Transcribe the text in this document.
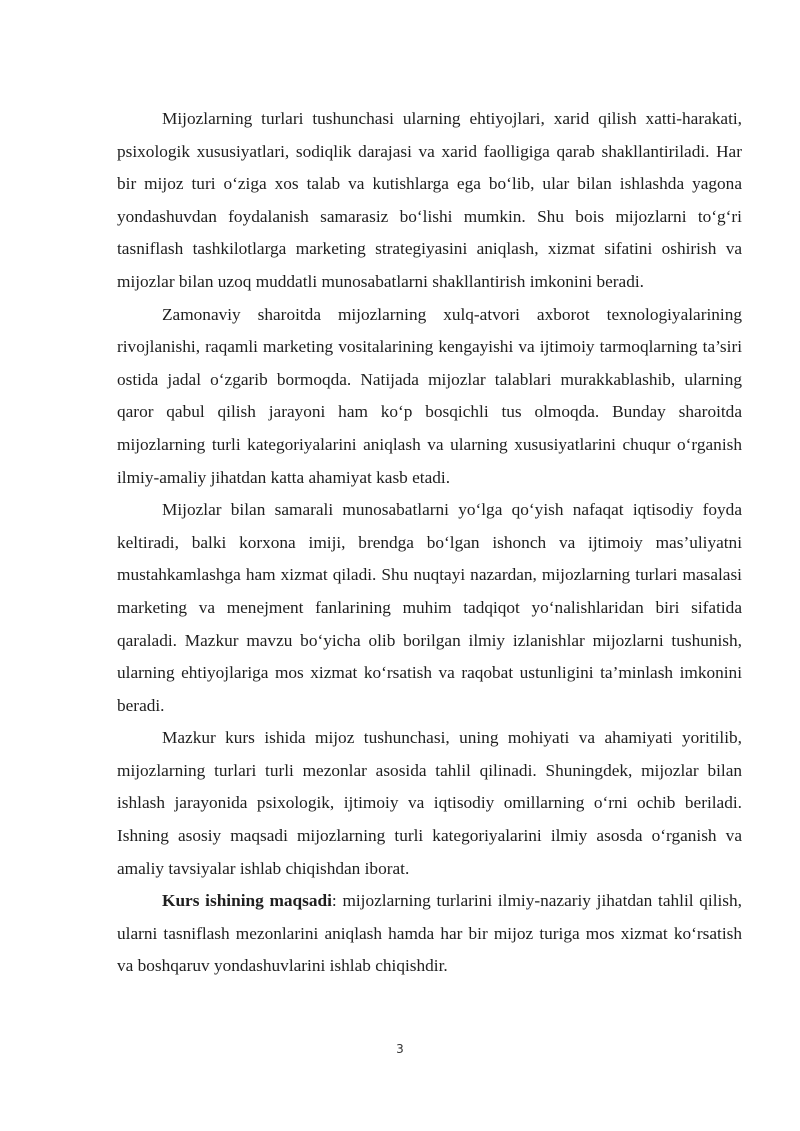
Mijozlarning turlari tushunchasi ularning ehtiyojlari, xarid qilish xatti-harakati, psixologik xususiyatlari, sodiqlik darajasi va xarid faolligiga qarab shakllantiriladi. Har bir mijoz turi o‘ziga xos talab va kutishlarga ega bo‘lib, ular bilan ishlashda yagona yondashuvdan foydalanish samarasiz bo‘lishi mumkin. Shu bois mijozlarni to‘g‘ri tasniflash tashkilotlarga marketing strategiyasini aniqlash, xizmat sifatini oshirish va mijozlar bilan uzoq muddatli munosabatlarni shakllantirish imkonini beradi.

Zamonaviy sharoitda mijozlarning xulq-atvori axborot texnologiyalarining rivojlanishi, raqamli marketing vositalarining kengayishi va ijtimoiy tarmoqlarning ta’siri ostida jadal o‘zgarib bormoqda. Natijada mijozlar talablari murakkablashib, ularning qaror qabul qilish jarayoni ham ko‘p bosqichli tus olmoqda. Bunday sharoitda mijozlarning turli kategoriyalarini aniqlash va ularning xususiyatlarini chuqur o‘rganish ilmiy-amaliy jihatdan katta ahamiyat kasb etadi.

Mijozlar bilan samarali munosabatlarni yo‘lga qo‘yish nafaqat iqtisodiy foyda keltiradi, balki korxona imiji, brendga bo‘lgan ishonch va ijtimoiy mas’uliyatni mustahkamlashga ham xizmat qiladi. Shu nuqtayi nazardan, mijozlarning turlari masalasi marketing va menejment fanlarining muhim tadqiqot yo‘nalishlaridan biri sifatida qaraladi. Mazkur mavzu bo‘yicha olib borilgan ilmiy izlanishlar mijozlarni tushunish, ularning ehtiyojlariga mos xizmat ko‘rsatish va raqobat ustunligini ta’minlash imkonini beradi.

Mazkur kurs ishida mijoz tushunchasi, uning mohiyati va ahamiyati yoritilib, mijozlarning turlari turli mezonlar asosida tahlil qilinadi. Shuningdek, mijozlar bilan ishlash jarayonida psixologik, ijtimoiy va iqtisodiy omillarning o‘rni ochib beriladi. Ishning asosiy maqsadi mijozlarning turli kategoriyalarini ilmiy asosda o‘rganish va amaliy tavsiyalar ishlab chiqishdan iborat.

Kurs ishining maqsadi: mijozlarning turlarini ilmiy-nazariy jihatdan tahlil qilish, ularni tasniflash mezonlarini aniqlash hamda har bir mijoz turiga mos xizmat ko‘rsatish va boshqaruv yondashuvlarini ishlab chiqishdir.

3
